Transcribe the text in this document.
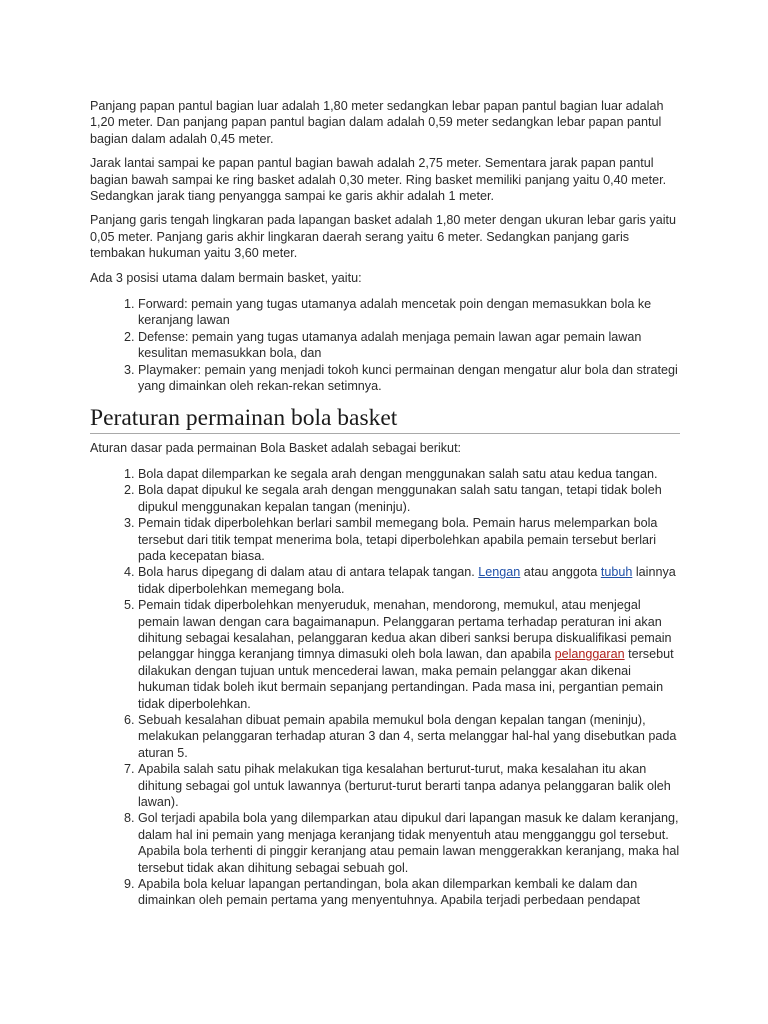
Panjang papan pantul bagian luar adalah 1,80 meter sedangkan lebar papan pantul bagian luar adalah 1,20 meter. Dan panjang papan pantul bagian dalam adalah 0,59 meter sedangkan lebar papan pantul bagian dalam adalah 0,45 meter.

Jarak lantai sampai ke papan pantul bagian bawah adalah 2,75 meter. Sementara jarak papan pantul bagian bawah sampai ke ring basket adalah 0,30 meter. Ring basket memiliki panjang yaitu 0,40 meter. Sedangkan jarak tiang penyangga sampai ke garis akhir adalah 1 meter.

Panjang garis tengah lingkaran pada lapangan basket adalah 1,80 meter dengan ukuran lebar garis yaitu 0,05 meter. Panjang garis akhir lingkaran daerah serang yaitu 6 meter. Sedangkan panjang garis tembakan hukuman yaitu 3,60 meter.

Ada 3 posisi utama dalam bermain basket, yaitu:

1. Forward: pemain yang tugas utamanya adalah mencetak poin dengan memasukkan bola ke keranjang lawan
2. Defense: pemain yang tugas utamanya adalah menjaga pemain lawan agar pemain lawan kesulitan memasukkan bola, dan
3. Playmaker: pemain yang menjadi tokoh kunci permainan dengan mengatur alur bola dan strategi yang dimainkan oleh rekan-rekan setimnya.
Peraturan permainan bola basket

Aturan dasar pada permainan Bola Basket adalah sebagai berikut:

1. Bola dapat dilemparkan ke segala arah dengan menggunakan salah satu atau kedua tangan.
2. Bola dapat dipukul ke segala arah dengan menggunakan salah satu tangan, tetapi tidak boleh dipukul menggunakan kepalan tangan (meninju).
3. Pemain tidak diperbolehkan berlari sambil memegang bola. Pemain harus melemparkan bola tersebut dari titik tempat menerima bola, tetapi diperbolehkan apabila pemain tersebut berlari pada kecepatan biasa.
4. Bola harus dipegang di dalam atau di antara telapak tangan. Lengan atau anggota tubuh lainnya tidak diperbolehkan memegang bola.
5. Pemain tidak diperbolehkan menyeruduk, menahan, mendorong, memukul, atau menjegal pemain lawan dengan cara bagaimanapun. Pelanggaran pertama terhadap peraturan ini akan dihitung sebagai kesalahan, pelanggaran kedua akan diberi sanksi berupa diskualifikasi pemain pelanggar hingga keranjang timnya dimasuki oleh bola lawan, dan apabila pelanggaran tersebut dilakukan dengan tujuan untuk mencederai lawan, maka pemain pelanggar akan dikenai hukuman tidak boleh ikut bermain sepanjang pertandingan. Pada masa ini, pergantian pemain tidak diperbolehkan.
6. Sebuah kesalahan dibuat pemain apabila memukul bola dengan kepalan tangan (meninju), melakukan pelanggaran terhadap aturan 3 dan 4, serta melanggar hal-hal yang disebutkan pada aturan 5.
7. Apabila salah satu pihak melakukan tiga kesalahan berturut-turut, maka kesalahan itu akan dihitung sebagai gol untuk lawannya (berturut-turut berarti tanpa adanya pelanggaran balik oleh lawan).
8. Gol terjadi apabila bola yang dilemparkan atau dipukul dari lapangan masuk ke dalam keranjang, dalam hal ini pemain yang menjaga keranjang tidak menyentuh atau mengganggu gol tersebut. Apabila bola terhenti di pinggir keranjang atau pemain lawan menggerakkan keranjang, maka hal tersebut tidak akan dihitung sebagai sebuah gol.
9. Apabila bola keluar lapangan pertandingan, bola akan dilemparkan kembali ke dalam dan dimainkan oleh pemain pertama yang menyentuhnya. Apabila terjadi perbedaan pendapat
